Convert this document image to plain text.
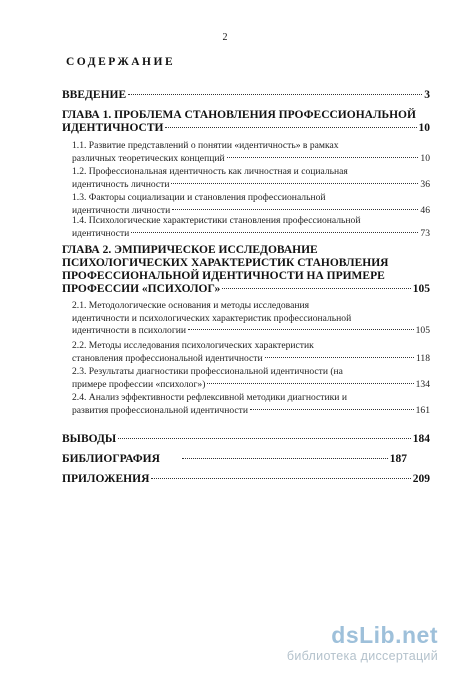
2
СОДЕРЖАНИЕ
ВВЕДЕНИЕ	3
ГЛАВА 1. ПРОБЛЕМА СТАНОВЛЕНИЯ ПРОФЕССИОНАЛЬНОЙ
ИДЕНТИЧНОСТИ	10
1.1. Развитие представлений о понятии «идентичность» в рамках
различных теоретических концепций	10
1.2. Профессиональная идентичность как личностная и социальная
идентичность личности	36
1.3. Факторы социализации и становления профессиональной
идентичности личности	46
1.4. Психологические характеристики становления профессиональной
идентичности	73
ГЛАВА 2. ЭМПИРИЧЕСКОЕ ИССЛЕДОВАНИЕ
ПСИХОЛОГИЧЕСКИХ ХАРАКТЕРИСТИК СТАНОВЛЕНИЯ
ПРОФЕССИОНАЛЬНОЙ ИДЕНТИЧНОСТИ НА ПРИМЕРЕ
ПРОФЕССИИ «ПСИХОЛОГ»	105
2.1. Методологические основания и методы исследования
идентичности и психологических характеристик профессиональной
идентичности в психологии	105
2.2. Методы исследования психологических характеристик
становления профессиональной идентичности	118
2.3. Результаты диагностики профессиональной идентичности (на
примере профессии «психолог»)	134
2.4. Анализ эффективности рефлексивной методики диагностики и
развития профессиональной идентичности	161
ВЫВОДЫ	184
БИБЛИОГРАФИЯ	187
ПРИЛОЖЕНИЯ	209
dsLib.net
библиотека диссертаций
